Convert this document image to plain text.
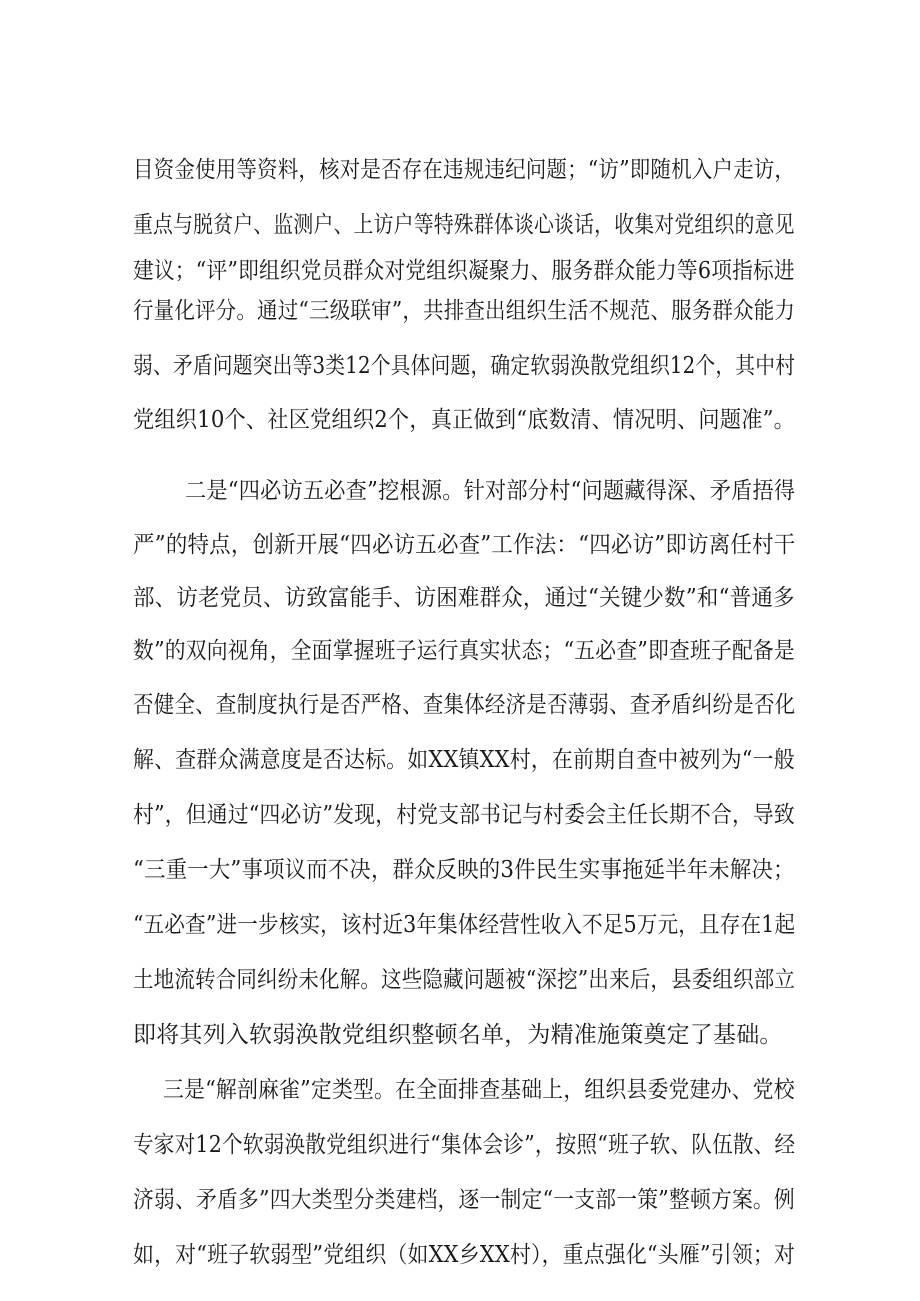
目资金使用等资料，核对是否存在违规违纪问题；“访”即随机入户走访，
重点与脱贫户、监测户、上访户等特殊群体谈心谈话，收集对党组织的意见
建议；“评”即组织党员群众对党组织凝聚力、服务群众能力等6项指标进
行量化评分。通过“三级联审”，共排查出组织生活不规范、服务群众能力
弱、矛盾问题突出等3类12个具体问题，确定软弱涣散党组织12个，其中村
党组织10个、社区党组织2个，真正做到“底数清、情况明、问题准”。
二是“四必访五必查”挖根源。针对部分村“问题藏得深、矛盾捂得
严”的特点，创新开展“四必访五必查”工作法：“四必访”即访离任村干
部、访老党员、访致富能手、访困难群众，通过“关键少数”和“普通多
数”的双向视角，全面掌握班子运行真实状态；“五必查”即查班子配备是
否健全、查制度执行是否严格、查集体经济是否薄弱、查矛盾纠纷是否化
解、查群众满意度是否达标。如XX镇XX村，在前期自查中被列为“一般
村”，但通过“四必访”发现，村党支部书记与村委会主任长期不合，导致
“三重一大”事项议而不决，群众反映的3件民生实事拖延半年未解决；
“五必查”进一步核实，该村近3年集体经营性收入不足5万元，且存在1起
土地流转合同纠纷未化解。这些隐藏问题被“深挖”出来后，县委组织部立
即将其列入软弱涣散党组织整顿名单，为精准施策奠定了基础。
三是“解剖麻雀”定类型。在全面排查基础上，组织县委党建办、党校
专家对12个软弱涣散党组织进行“集体会诊”，按照“班子软、队伍散、经
济弱、矛盾多”四大类型分类建档，逐一制定“一支部一策”整顿方案。例
如，对“班子软弱型”党组织（如XX乡XX村），重点强化“头雁”引领；对
